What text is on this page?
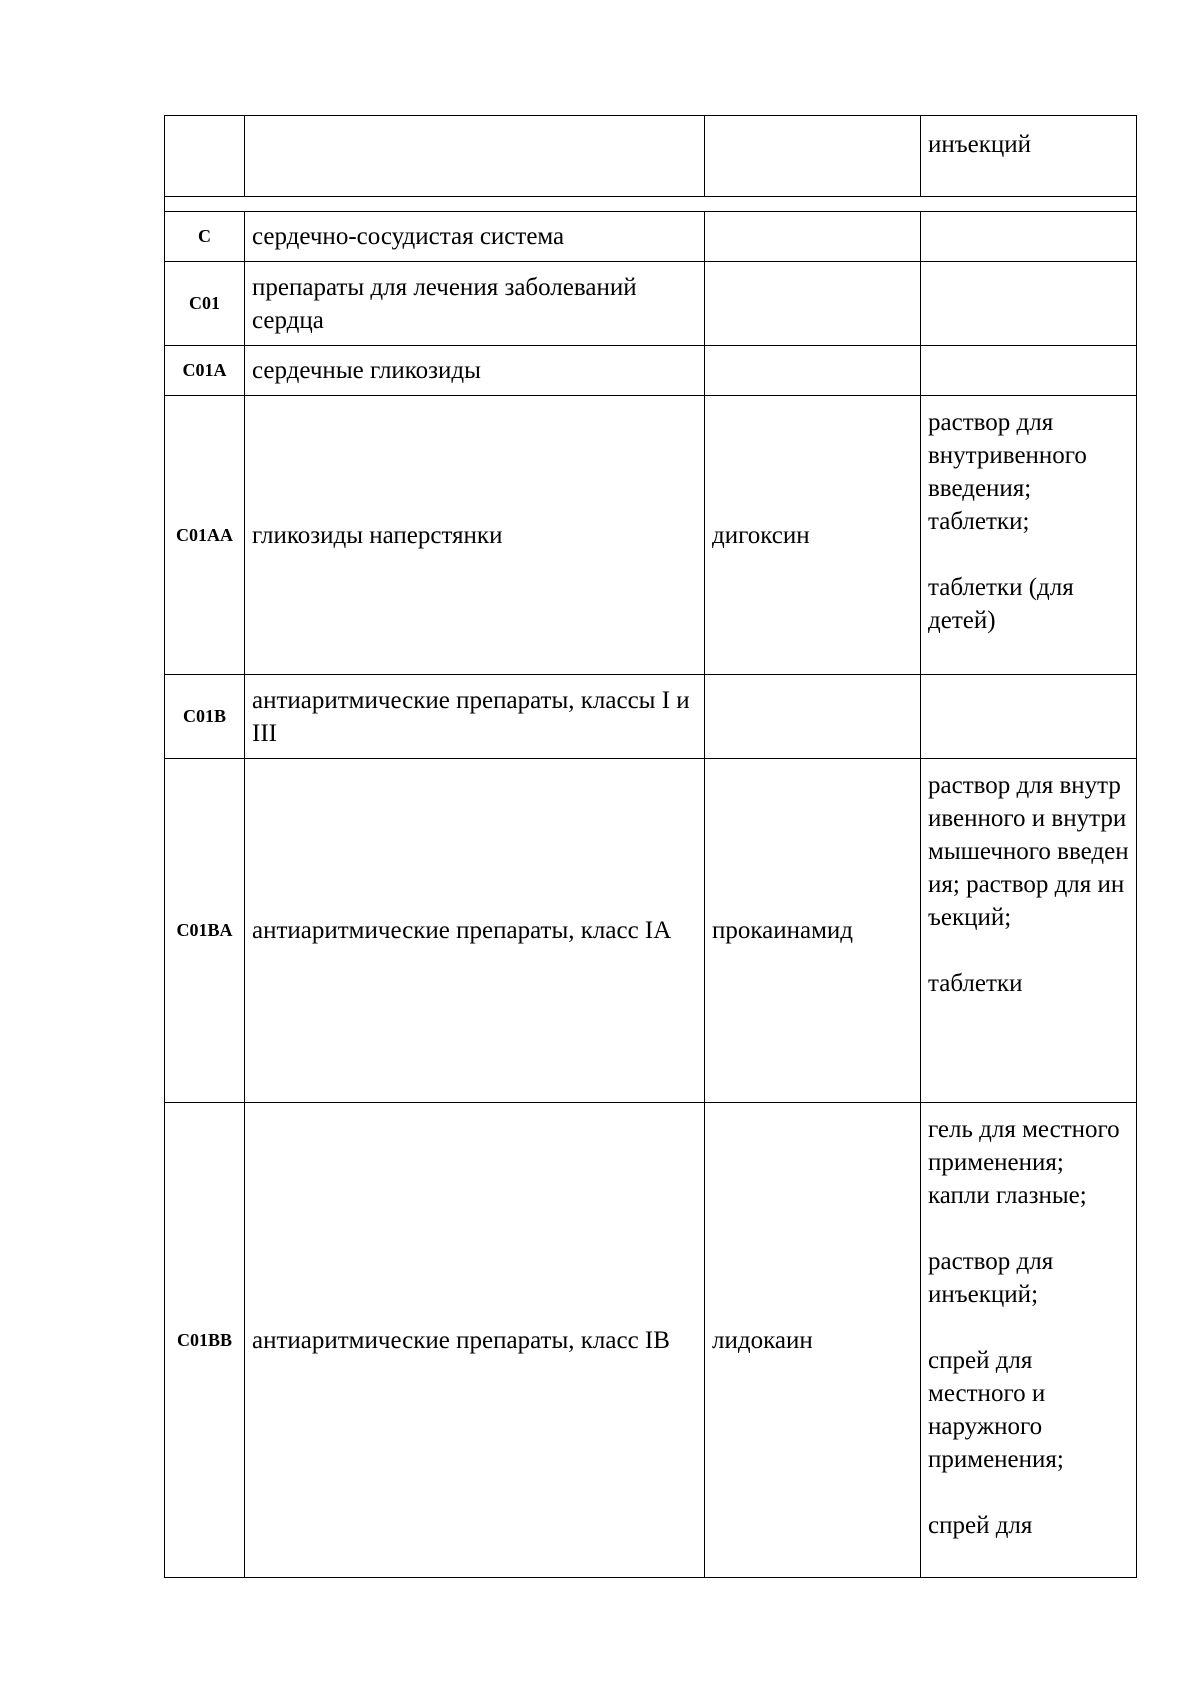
			инъекций

C	сердечно-сосудистая система		
C01	препараты для лечения заболеваний сердца		
C01A	сердечные гликозиды		
C01AA	гликозиды наперстянки	дигоксин	раствор для внутривенного введения; таблетки;

таблетки (для детей)

C01B	антиаритмические препараты, классы I и III		
C01BA	антиаритмические препараты, класс IA	прокаинамид	раствор для внутривенного и внутримышечного введения; раствор для инъекций;

таблетки

C01BB	антиаритмические препараты, класс IB	лидокаин	гель для местного применения; капли глазные;

раствор для инъекций;

спрей для местного и наружного применения;

спрей для
